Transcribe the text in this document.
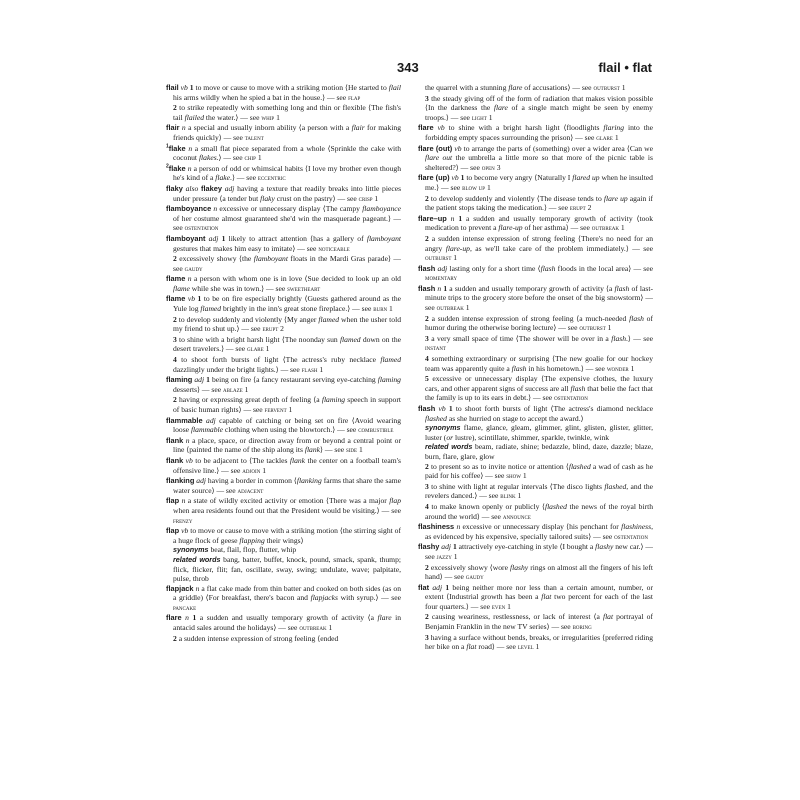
343	flail • flat

flail vb 1 to move or cause to move with a striking motion ⟨He started to flail his arms wildly when he spied a bat in the house.⟩ — see flap

2 to strike repeatedly with something long and thin or flexible ⟨The fish's tail flailed the water.⟩ — see whip 1

flair n a special and usually inborn ability ⟨a person with a flair for making friends quickly⟩ — see talent

$^1$flake n a small flat piece separated from a whole ⟨Sprinkle the cake with coconut flakes.⟩ — see chip 1

$^2$flake n a person of odd or whimsical habits ⟨I love my brother even though he's kind of a flake.⟩ — see eccentric

flaky also flakey adj having a texture that readily breaks into little pieces under pressure ⟨a tender but flaky crust on the pastry⟩ — see crisp 1

flamboyance n excessive or unnecessary display ⟨The campy flamboyance of her costume almost guaranteed she'd win the masquerade pageant.⟩ — see ostentation

flamboyant adj 1 likely to attract attention ⟨has a gallery of flamboyant gestures that makes him easy to imitate⟩ — see noticeable

2 excessively showy ⟨the flamboyant floats in the Mardi Gras parade⟩ — see gaudy

flame n a person with whom one is in love ⟨Sue decided to look up an old flame while she was in town.⟩ — see sweetheart

flame vb 1 to be on fire especially brightly ⟨Guests gathered around as the Yule log flamed brightly in the inn's great stone fireplace.⟩ — see burn 1

2 to develop suddenly and violently ⟨My anger flamed when the usher told my friend to shut up.⟩ — see erupt 2

3 to shine with a bright harsh light ⟨The noonday sun flamed down on the desert travelers.⟩ — see glare 1

4 to shoot forth bursts of light ⟨The actress's ruby necklace flamed dazzlingly under the bright lights.⟩ — see flash 1

flaming adj 1 being on fire ⟨a fancy restaurant serving eye-catching flaming desserts⟩ — see ablaze 1

2 having or expressing great depth of feeling ⟨a flaming speech in support of basic human rights⟩ — see fervent 1

flammable adj capable of catching or being set on fire ⟨Avoid wearing loose flammable clothing when using the blowtorch.⟩ — see combustible

flank n a place, space, or direction away from or beyond a central point or line ⟨painted the name of the ship along its flank⟩ — see side 1

flank vb to be adjacent to ⟨The tackles flank the center on a football team's offensive line.⟩ — see adjoin 1

flanking adj having a border in common ⟨flanking farms that share the same water source⟩ — see adjacent

flap n a state of wildly excited activity or emotion ⟨There was a major flap when area residents found out that the President would be visiting.⟩ — see frenzy

flap vb to move or cause to move with a striking motion ⟨the stirring sight of a huge flock of geese flapping their wings⟩

synonyms beat, flail, flop, flutter, whip

related words bang, batter, buffet, knock, pound, smack, spank, thump; flick, flicker, flit; fan, oscillate, sway, swing; undulate, wave; palpitate, pulse, throb

flapjack n a flat cake made from thin batter and cooked on both sides (as on a griddle) ⟨For breakfast, there's bacon and flapjacks with syrup.⟩ — see pancake

flare n 1 a sudden and usually temporary growth of activity ⟨a flare in antacid sales around the holidays⟩ — see outbreak 1

2 a sudden intense expression of strong feeling ⟨ended

the quarrel with a stunning flare of accusations⟩ — see outburst 1

3 the steady giving off of the form of radiation that makes vision possible ⟨In the darkness the flare of a single match might be seen by enemy troops.⟩ — see light 1

flare vb to shine with a bright harsh light ⟨floodlights flaring into the forbidding empty spaces surrounding the prison⟩ — see glare 1

flare (out) vb to arrange the parts of (something) over a wider area ⟨Can we flare out the umbrella a little more so that more of the picnic table is sheltered?⟩ — see open 3

flare (up) vb 1 to become very angry ⟨Naturally I flared up when he insulted me.⟩ — see blow up 1

2 to develop suddenly and violently ⟨The disease tends to flare up again if the patient stops taking the medication.⟩ — see erupt 2

flare–up n 1 a sudden and usually temporary growth of activity ⟨took medication to prevent a flare-up of her asthma⟩ — see outbreak 1

2 a sudden intense expression of strong feeling ⟨There's no need for an angry flare-up, as we'll take care of the problem immediately.⟩ — see outburst 1

flash adj lasting only for a short time ⟨flash floods in the local area⟩ — see momentary

flash n 1 a sudden and usually temporary growth of activity ⟨a flash of last-minute trips to the grocery store before the onset of the big snowstorm⟩ — see outbreak 1

2 a sudden intense expression of strong feeling ⟨a much-needed flash of humor during the otherwise boring lecture⟩ — see outburst 1

3 a very small space of time ⟨The shower will be over in a flash.⟩ — see instant

4 something extraordinary or surprising ⟨The new goalie for our hockey team was apparently quite a flash in his hometown.⟩ — see wonder 1

5 excessive or unnecessary display ⟨The expensive clothes, the luxury cars, and other apparent signs of success are all flash that belie the fact that the family is up to its ears in debt.⟩ — see ostentation

flash vb 1 to shoot forth bursts of light ⟨The actress's diamond necklace flashed as she hurried on stage to accept the award.⟩

synonyms flame, glance, gleam, glimmer, glint, glisten, glister, glitter, luster (or lustre), scintillate, shimmer, sparkle, twinkle, wink

related words beam, radiate, shine; bedazzle, blind, daze, dazzle; blaze, burn, flare, glare, glow

2 to present so as to invite notice or attention ⟨flashed a wad of cash as he paid for his coffee⟩ — see show 1

3 to shine with light at regular intervals ⟨The disco lights flashed, and the revelers danced.⟩ — see blink 1

4 to make known openly or publicly ⟨flashed the news of the royal birth around the world⟩ — see announce

flashiness n excessive or unnecessary display ⟨his penchant for flashiness, as evidenced by his expensive, specially tailored suits⟩ — see ostentation

flashy adj 1 attractively eye-catching in style ⟨I bought a flashy new car.⟩ — see jazzy 1

2 excessively showy ⟨wore flashy rings on almost all the fingers of his left hand⟩ — see gaudy

flat adj 1 being neither more nor less than a certain amount, number, or extent ⟨Industrial growth has been a flat two percent for each of the last four quarters.⟩ — see even 1

2 causing weariness, restlessness, or lack of interest ⟨a flat portrayal of Benjamin Franklin in the new TV series⟩ — see boring

3 having a surface without bends, breaks, or irregularities ⟨preferred riding her bike on a flat road⟩ — see level 1
